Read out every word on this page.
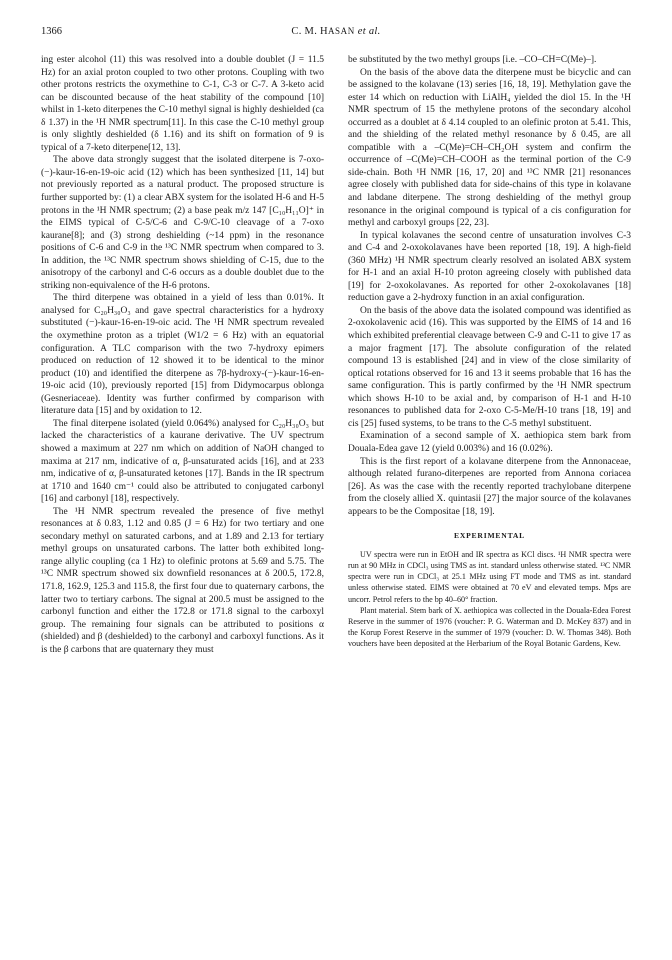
1366	C. M. HASAN et al.

ing ester alcohol (11) this was resolved into a double doublet (J = 11.5 Hz) for an axial proton coupled to two other protons. Coupling with two other protons restricts the oxymethine to C-1, C-3 or C-7. A 3-keto acid can be discounted because of the heat stability of the compound [10] whilst in 1-keto diterpenes the C-10 methyl signal is highly deshielded (ca δ 1.37) in the ¹H NMR spectrum[11]. In this case the C-10 methyl group is only slightly deshielded (δ 1.16) and its shift on formation of 9 is typical of a 7-keto diterpene[12, 13].

The above data strongly suggest that the isolated diterpene is 7-oxo-(−)-kaur-16-en-19-oic acid (12) which has been synthesized [11, 14] but not previously reported as a natural product. The proposed structure is further supported by: (1) a clear ABX system for the isolated H-6 and H-5 protons in the ¹H NMR spectrum; (2) a base peak m/z 147 [C₁₀H₁₁O]⁺ in the EIMS typical of C-5/C-6 and C-9/C-10 cleavage of a 7-oxo kaurane[8]; and (3) strong deshielding (~14 ppm) in the resonance positions of C-6 and C-9 in the ¹³C NMR spectrum when compared to 3. In addition, the ¹³C NMR spectrum shows shielding of C-15, due to the anisotropy of the carbonyl and C-6 occurs as a double doublet due to the striking non-equivalence of the H-6 protons.

The third diterpene was obtained in a yield of less than 0.01%. It analysed for C₂₀H₃₀O₃ and gave spectral characteristics for a hydroxy substituted (−)-kaur-16-en-19-oic acid. The ¹H NMR spectrum revealed the oxymethine proton as a triplet (W1/2 = 6 Hz) with an equatorial configuration. A TLC comparison with the two 7-hydroxy epimers produced on reduction of 12 showed it to be identical to the minor product (10) and identified the diterpene as 7β-hydroxy-(−)-kaur-16-en-19-oic acid (10), previously reported [15] from Didymocarpus oblonga (Gesneriaceae). Identity was further confirmed by comparison with literature data [15] and by oxidation to 12.

The final diterpene isolated (yield 0.064%) analysed for C₂₀H₃₀O₃ but lacked the characteristics of a kaurane derivative. The UV spectrum showed a maximum at 227 nm which on addition of NaOH changed to maxima at 217 nm, indicative of α, β-unsaturated acids [16], and at 233 nm, indicative of α, β-unsaturated ketones [17]. Bands in the IR spectrum at 1710 and 1640 cm⁻¹ could also be attributed to conjugated carbonyl [16] and carbonyl [18], respectively.

The ¹H NMR spectrum revealed the presence of five methyl resonances at δ 0.83, 1.12 and 0.85 (J = 6 Hz) for two tertiary and one secondary methyl on saturated carbons, and at 1.89 and 2.13 for tertiary methyl groups on unsaturated carbons. The latter both exhibited long-range allylic coupling (ca 1 Hz) to olefinic protons at 5.69 and 5.75. The ¹³C NMR spectrum showed six downfield resonances at δ 200.5, 172.8, 171.8, 162.9, 125.3 and 115.8, the first four due to quaternary carbons, the latter two to tertiary carbons. The signal at 200.5 must be assigned to the carbonyl function and either the 172.8 or 171.8 signal to the carboxyl group. The remaining four signals can be attributed to positions α (shielded) and β (deshielded) to the carbonyl and carboxyl functions. As it is the β carbons that are quaternary they must

be substituted by the two methyl groups [i.e. –CO–CH=C(Me)–].

On the basis of the above data the diterpene must be bicyclic and can be assigned to the kolavane (13) series [16, 18, 19]. Methylation gave the ester 14 which on reduction with LiAlH₄ yielded the diol 15. In the ¹H NMR spectrum of 15 the methylene protons of the secondary alcohol occurred as a doublet at δ 4.14 coupled to an olefinic proton at 5.41. This, and the shielding of the related methyl resonance by δ 0.45, are all compatible with a –C(Me)=CH–CH₂OH system and confirm the occurrence of –C(Me)=CH–COOH as the terminal portion of the C-9 side-chain. Both ¹H NMR [16, 17, 20] and ¹³C NMR [21] resonances agree closely with published data for side-chains of this type in kolavane and labdane diterpene. The strong deshielding of the methyl group resonance in the original compound is typical of a cis configuration for methyl and carboxyl groups [22, 23].

In typical kolavanes the second centre of unsaturation involves C-3 and C-4 and 2-oxokolavanes have been reported [18, 19]. A high-field (360 MHz) ¹H NMR spectrum clearly resolved an isolated ABX system for H-1 and an axial H-10 proton agreeing closely with published data [19] for 2-oxokolavanes. As reported for other 2-oxokolavanes [18] reduction gave a 2-hydroxy function in an axial configuration.

On the basis of the above data the isolated compound was identified as 2-oxokolavenic acid (16). This was supported by the EIMS of 14 and 16 which exhibited preferential cleavage between C-9 and C-11 to give 17 as a major fragment [17]. The absolute configuration of the related compound 13 is established [24] and in view of the close similarity of optical rotations observed for 16 and 13 it seems probable that 16 has the same configuration. This is partly confirmed by the ¹H NMR spectrum which shows H-10 to be axial and, by comparison of H-1 and H-10 resonances to published data for 2-oxo C-5-Me/H-10 trans [18, 19] and cis [25] fused systems, to be trans to the C-5 methyl substituent.

Examination of a second sample of X. aethiopica stem bark from Douala-Edea gave 12 (yield 0.003%) and 16 (0.02%).

This is the first report of a kolavane diterpene from the Annonaceae, although related furano-diterpenes are reported from Annona coriacea [26]. As was the case with the recently reported trachylobane diterpene from the closely allied X. quintasii [27] the major source of the kolavanes appears to be the Compositae [18, 19].

EXPERIMENTAL

UV spectra were run in EtOH and IR spectra as KCl discs. ¹H NMR spectra were run at 90 MHz in CDCl₃ using TMS as int. standard unless otherwise stated. ¹³C NMR spectra were run in CDCl₃ at 25.1 MHz using FT mode and TMS as int. standard unless otherwise stated. EIMS were obtained at 70 eV and elevated temps. Mps are uncorr. Petrol refers to the bp 40–60° fraction.

Plant material. Stem bark of X. aethiopica was collected in the Douala-Edea Forest Reserve in the summer of 1976 (voucher: P. G. Waterman and D. McKey 837) and in the Korup Forest Reserve in the summer of 1979 (voucher: D. W. Thomas 348). Both vouchers have been deposited at the Herbarium of the Royal Botanic Gardens, Kew.
